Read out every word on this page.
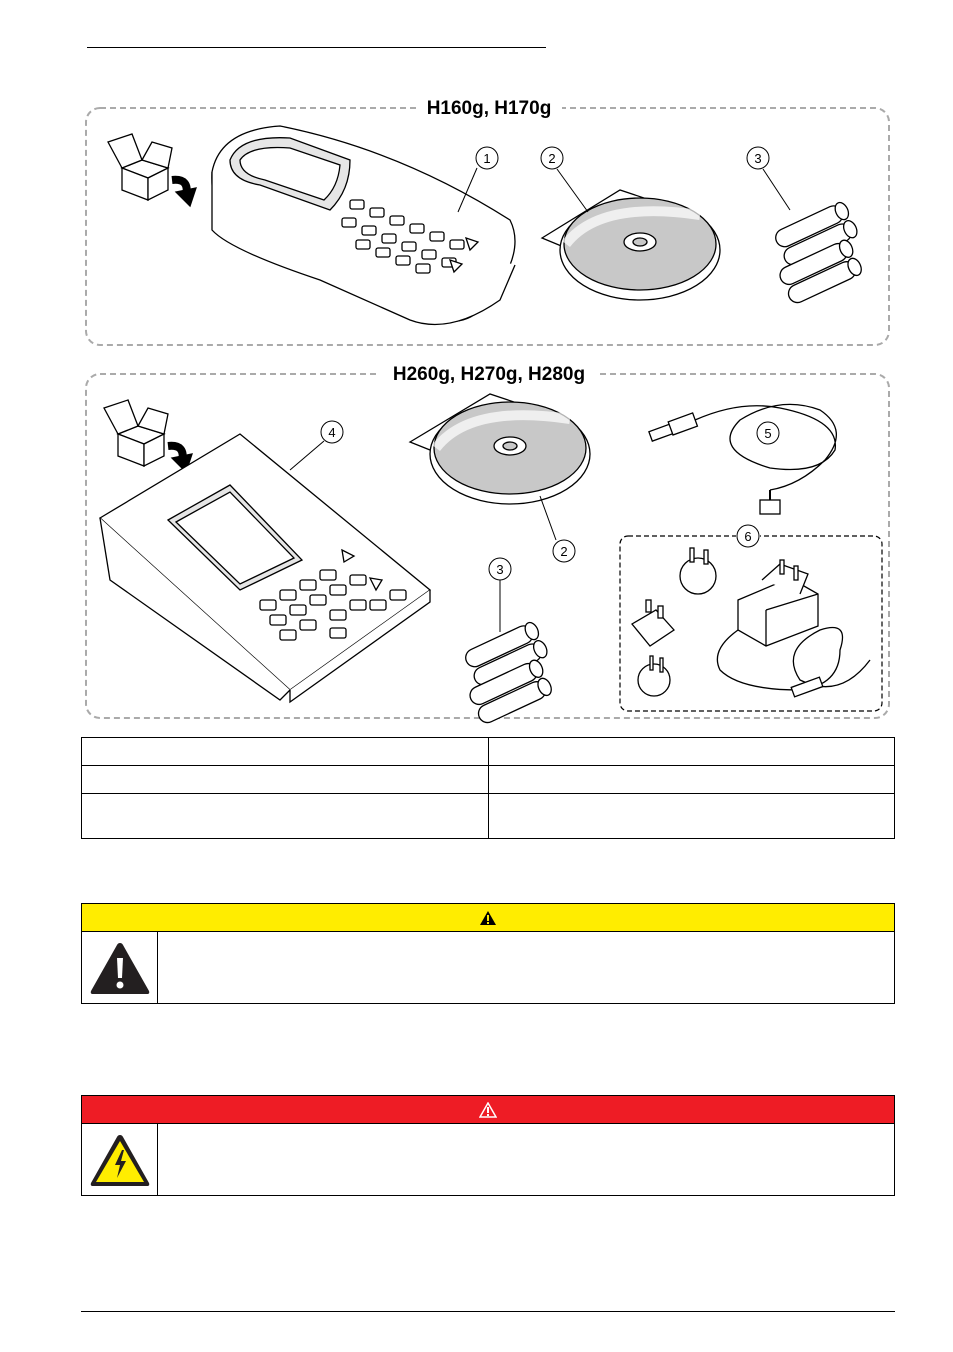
H160g, H170g
1	2	3
H260g, H270g, H280g
4	5
2
3
6
